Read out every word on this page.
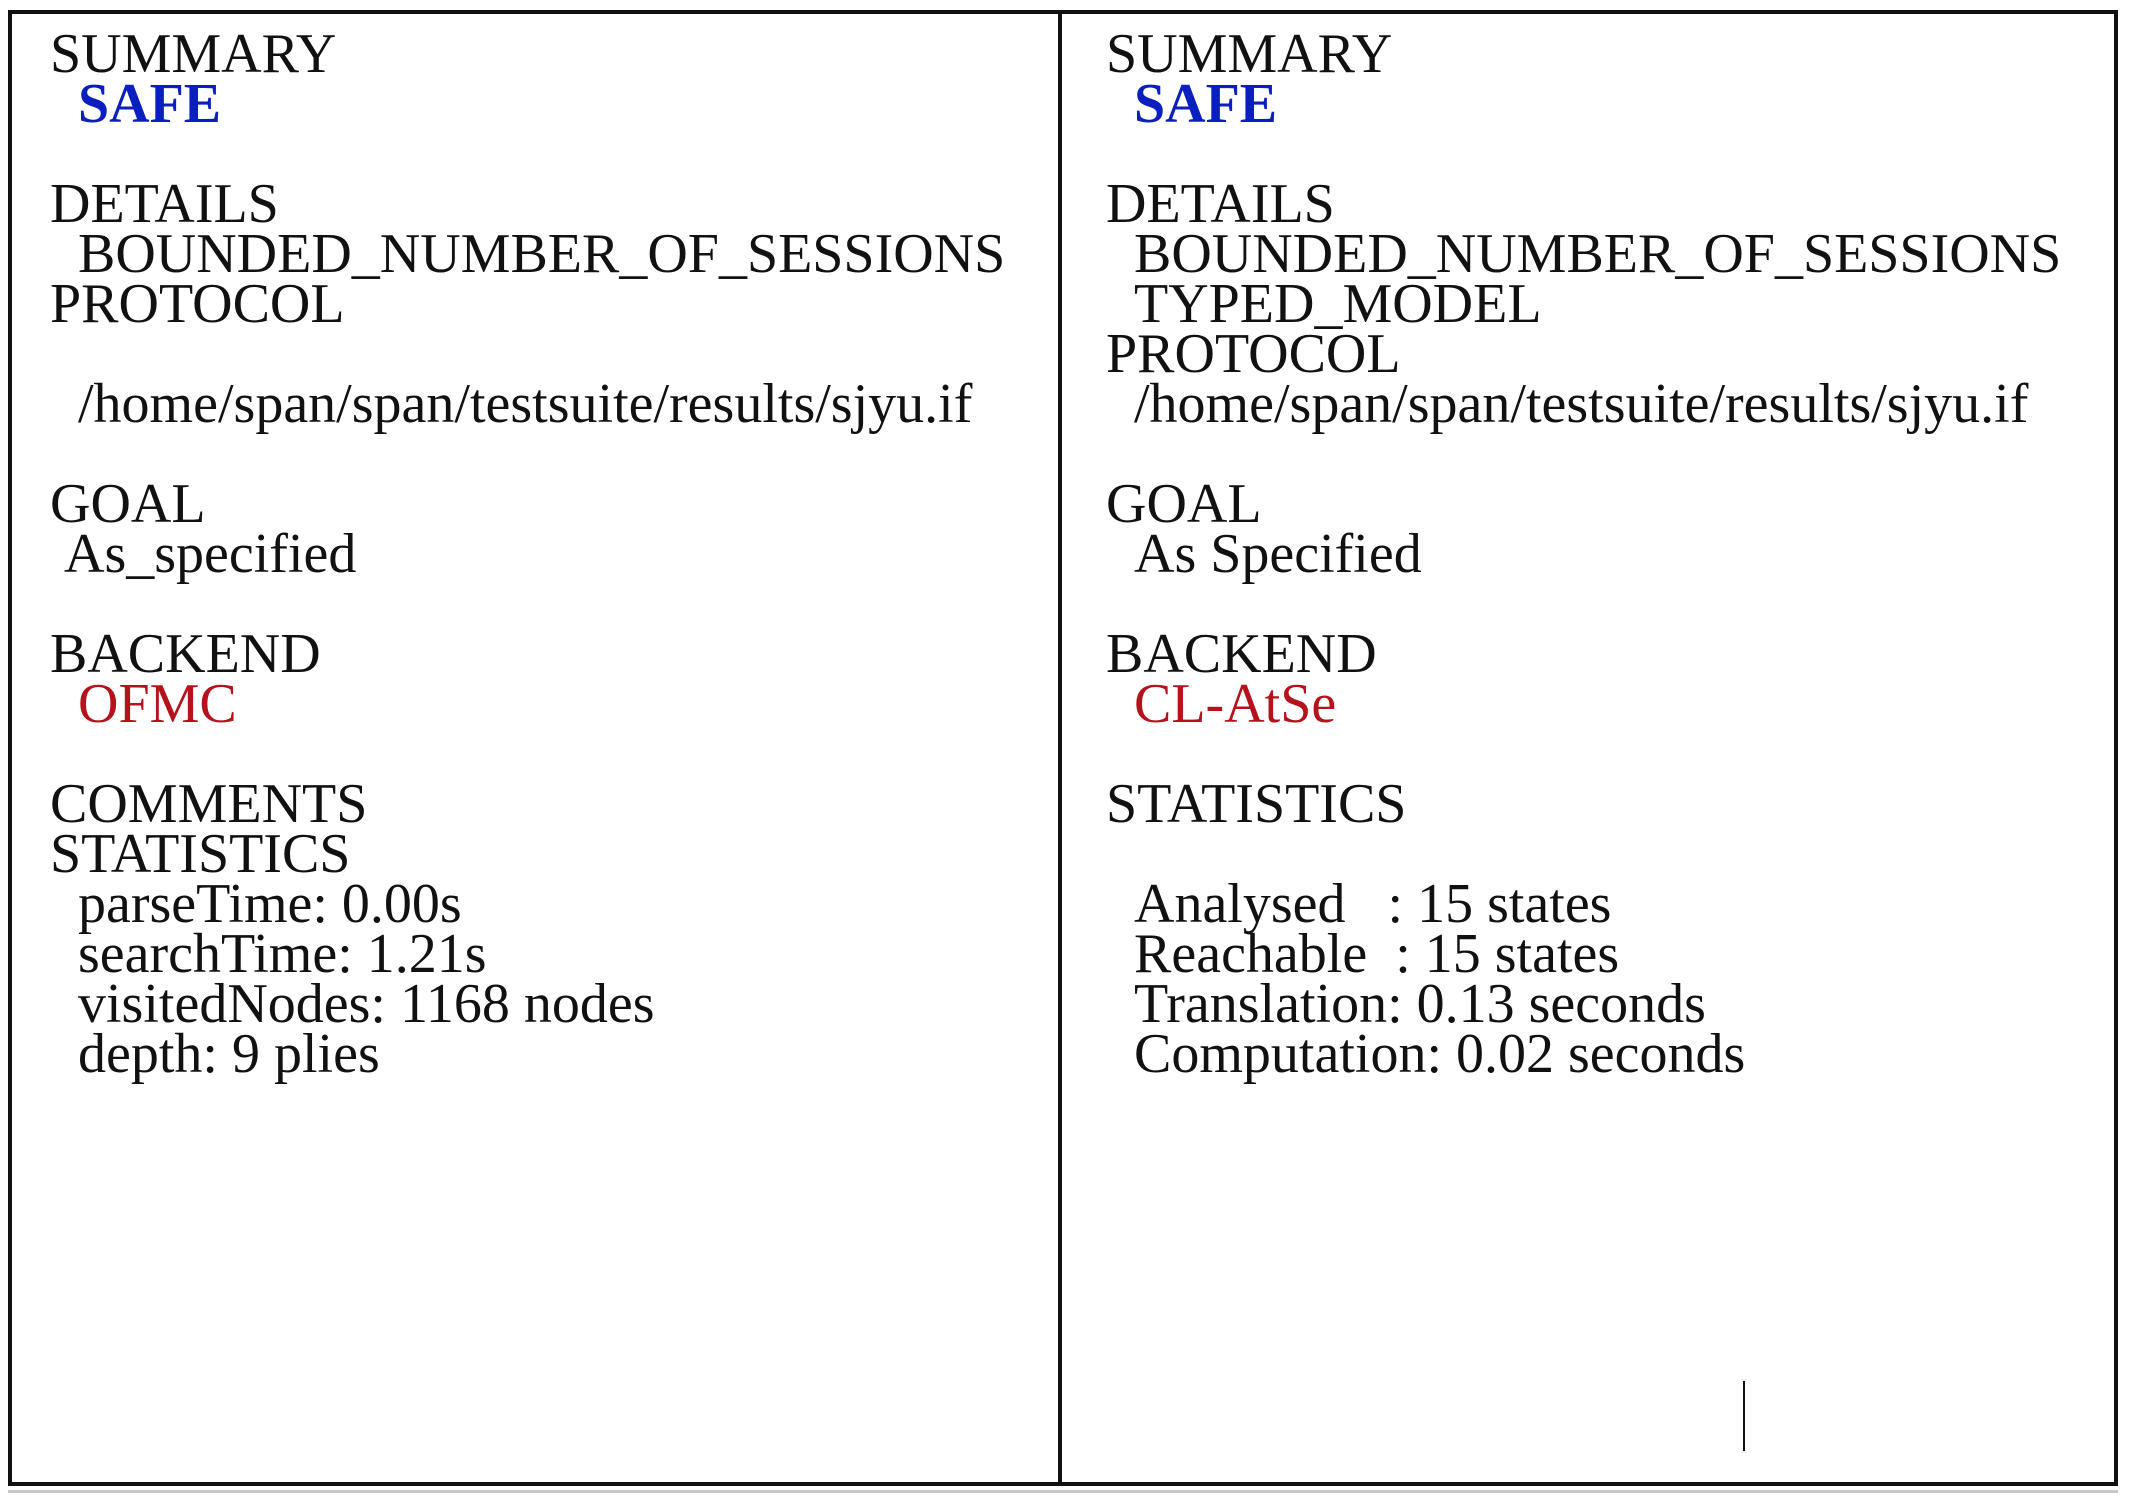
SUMMARY
SAFE
DETAILS
BOUNDED_NUMBER_OF_SESSIONS
PROTOCOL
/home/span/span/testsuite/results/sjyu.if
GOAL
As_specified
BACKEND
OFMC
COMMENTS
STATISTICS
parseTime: 0.00s
searchTime: 1.21s
visitedNodes: 1168 nodes
depth: 9 plies
SUMMARY
SAFE
DETAILS
BOUNDED_NUMBER_OF_SESSIONS
TYPED_MODEL
PROTOCOL
/home/span/span/testsuite/results/sjyu.if
GOAL
As Specified
BACKEND
CL-AtSe
STATISTICS
Analysed   : 15 states
Reachable  : 15 states
Translation: 0.13 seconds
Computation: 0.02 seconds
